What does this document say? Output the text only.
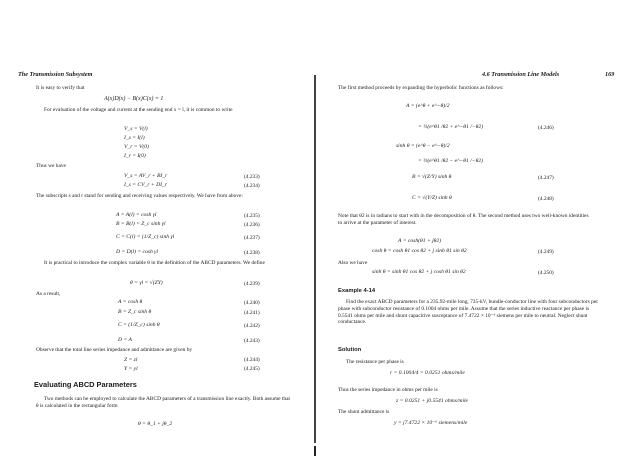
The Transmission Subsystem
It is easy to verify that
A(x)D(x) − B(x)C(x) = 1
For evaluation of the voltage and current at the sending end x = l, it is common to write
V_s = V(l)
I_s = I(l)
V_r = V(0)
I_r = I(0)
Thus we have
V_s = AV_r + BI_r	(4.233)
I_s = CV_r + DI_r	(4.234)
The subscripts s and r stand for sending and receiving values respectively. We have from above:
A = A(l) = cosh γl	(4.235)
B = B(l) = Z_c sinh γl	(4.236)
C = C(l) = (1/Z_c) sinh γl	(4.237)
D = D(l) = cosh γl	(4.238)
It is practical to introduce the complex variable θ in the definition of the ABCD parameters. We define
θ = γl = √(ZY)	(4.239)
As a result,
A = cosh θ	(4.240)
B = Z_c sinh θ	(4.241)
C = (1/Z_c) sinh θ	(4.242)
D = A	(4.243)
Observe that the total line series impedance and admittance are given by
Z = zl	(4.244)
Y = yl	(4.245)
Evaluating ABCD Parameters
Two methods can be employed to calculate the ABCD parameters of a transmission line exactly. Both assume that θ is calculated in the rectangular form
θ = θ_1 + jθ_2
4.6 Transmission Line Models	169
The first method proceeds by expanding the hyperbolic functions as follows:
A = (e^θ + e^−θ)/2
= ½(e^θ1 /θ2 + e^−θ1 /−θ2)	(4.246)
sinh θ = (e^θ − e^−θ)/2
= ½(e^θ1 /θ2 − e^−θ1 /−θ2)
B = √(Z/Y) sinh θ	(4.247)
C = √(Y/Z) sinh θ	(4.248)
Note that θ2 is in radians to start with in the decomposition of θ. The second method uses two well-known identities to arrive at the parameter of interest.
A = cosh(θ1 + jθ2)
cosh θ = cosh θ1 cos θ2 + j sinh θ1 sin θ2	(4.249)
Also we have
sinh θ = sinh θ1 cos θ2 + j cosh θ1 sin θ2	(4.250)
Example 4-14
Find the exact ABCD parameters for a 235.92-mile long, 735-kV, bundle-conductor line with four subconductors per phase with subconductor resistance of 0.1004 ohms per mile. Assume that the series inductive reactance per phase is 0.5541 ohms per mile and shunt capacitive susceptance of 7.4722 × 10⁻⁶ siemens per mile to neutral. Neglect shunt conductance.
Solution
The resistance per phase is
r = 0.1004/4 = 0.0251 ohms/mile
Thus the series impedance in ohms per mile is
z = 0.0251 + j0.5541 ohms/mile
The shunt admittance is
y = j7.4722 × 10⁻⁶ siemens/mile
